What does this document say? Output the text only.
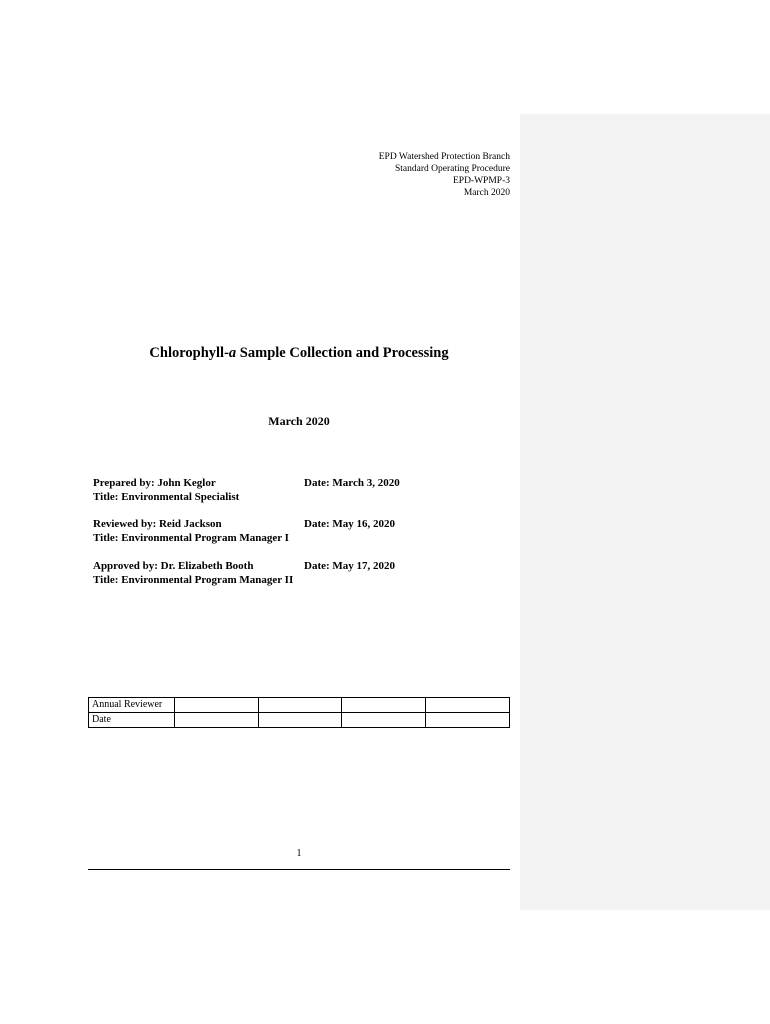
EPD Watershed Protection Branch
Standard Operating Procedure
EPD-WPMP-3
March 2020
Chlorophyll-a Sample Collection and Processing
March 2020
Prepared by: John Keglor	Date: March 3, 2020
Title: Environmental Specialist
Reviewed by: Reid Jackson	Date: May 16, 2020
Title: Environmental Program Manager I
Approved by: Dr. Elizabeth Booth	Date: May 17, 2020
Title: Environmental Program Manager II
Annual Reviewer				
Date				
1
